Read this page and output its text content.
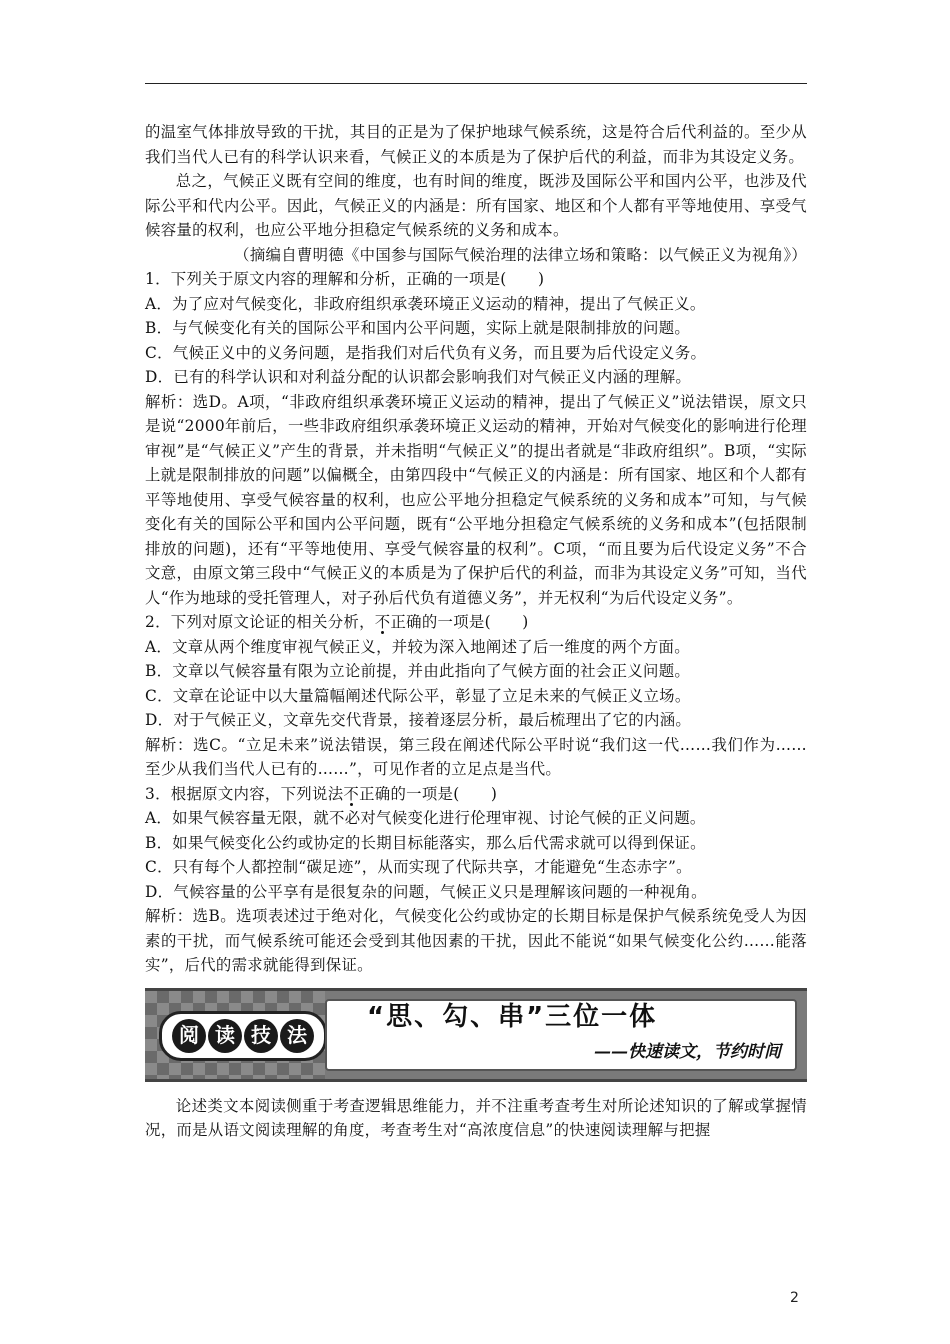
的温室气体排放导致的干扰，其目的正是为了保护地球气候系统，这是符合后代利益的。至少从我们当代人已有的科学认识来看，气候正义的本质是为了保护后代的利益，而非为其设定义务。

总之，气候正义既有空间的维度，也有时间的维度，既涉及国际公平和国内公平，也涉及代际公平和代内公平。因此，气候正义的内涵是：所有国家、地区和个人都有平等地使用、享受气候容量的权利，也应公平地分担稳定气候系统的义务和成本。

（摘编自曹明德《中国参与国际气候治理的法律立场和策略：以气候正义为视角》）

1．下列关于原文内容的理解和分析，正确的一项是(　　)

A．为了应对气候变化，非政府组织承袭环境正义运动的精神，提出了气候正义。

B．与气候变化有关的国际公平和国内公平问题，实际上就是限制排放的问题。

C．气候正义中的义务问题，是指我们对后代负有义务，而且要为后代设定义务。

D．已有的科学认识和对利益分配的认识都会影响我们对气候正义内涵的理解。

解析：选D。A项，“非政府组织承袭环境正义运动的精神，提出了气候正义”说法错误，原文只是说“2000年前后，一些非政府组织承袭环境正义运动的精神，开始对气候变化的影响进行伦理审视”是“气候正义”产生的背景，并未指明“气候正义”的提出者就是“非政府组织”。B项，“实际上就是限制排放的问题”以偏概全，由第四段中“气候正义的内涵是：所有国家、地区和个人都有平等地使用、享受气候容量的权利，也应公平地分担稳定气候系统的义务和成本”可知，与气候变化有关的国际公平和国内公平问题，既有“公平地分担稳定气候系统的义务和成本”(包括限制排放的问题)，还有“平等地使用、享受气候容量的权利”。C项，“而且要为后代设定义务”不合文意，由原文第三段中“气候正义的本质是为了保护后代的利益，而非为其设定义务”可知，当代人“作为地球的受托管理人，对子孙后代负有道德义务”，并无权利“为后代设定义务”。

2．下列对原文论证的相关分析，不正确的一项是(　　)

A．文章从两个维度审视气候正义，并较为深入地阐述了后一维度的两个方面。

B．文章以气候容量有限为立论前提，并由此指向了气候方面的社会正义问题。

C．文章在论证中以大量篇幅阐述代际公平，彰显了立足未来的气候正义立场。

D．对于气候正义，文章先交代背景，接着逐层分析，最后梳理出了它的内涵。

解析：选C。“立足未来”说法错误，第三段在阐述代际公平时说“我们这一代……我们作为……至少从我们当代人已有的……”，可见作者的立足点是当代。

3．根据原文内容，下列说法不正确的一项是(　　)

A．如果气候容量无限，就不必对气候变化进行伦理审视、讨论气候的正义问题。

B．如果气候变化公约或协定的长期目标能落实，那么后代需求就可以得到保证。

C．只有每个人都控制“碳足迹”，从而实现了代际共享，才能避免“生态赤字”。

D．气候容量的公平享有是很复杂的问题，气候正义只是理解该问题的一种视角。

解析：选B。选项表述过于绝对化，气候变化公约或协定的长期目标是保护气候系统免受人为因素的干扰，而气候系统可能还会受到其他因素的干扰，因此不能说“如果气候变化公约……能落实”，后代的需求就能得到保证。

阅 读 技 法
“思、勾、串”三位一体
——快速读文，节约时间

论述类文本阅读侧重于考查逻辑思维能力，并不注重考查考生对所论述知识的了解或掌握情况，而是从语文阅读理解的角度，考查考生对“高浓度信息”的快速阅读理解与把握

2
